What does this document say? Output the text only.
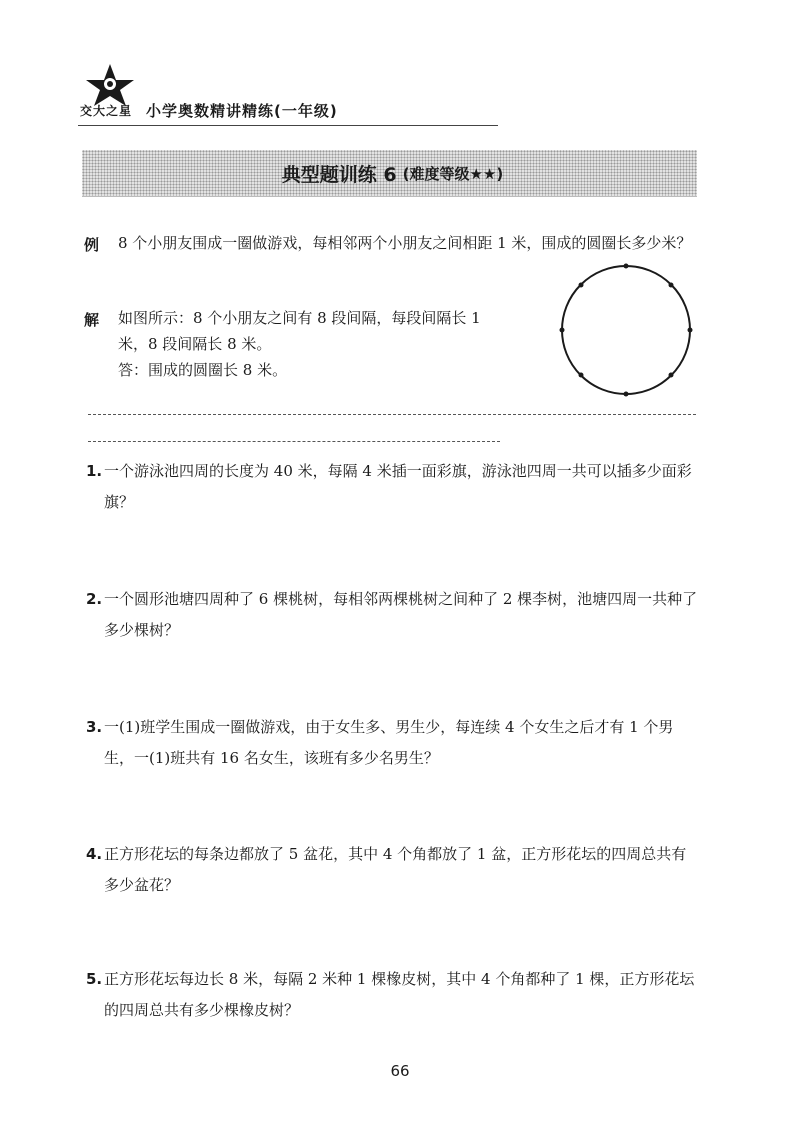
交大之星 小学奥数精讲精练(一年级)
典型题训练 6 (难度等级★★)
例 8 个小朋友围成一圈做游戏，每相邻两个小朋友之间相距 1 米，围成的圆圈长多少米？
解 如图所示：8 个小朋友之间有 8 段间隔，每段间隔长 1
米，8 段间隔长 8 米。
答：围成的圆圈长 8 米。
1. 一个游泳池四周的长度为 40 米，每隔 4 米插一面彩旗，游泳池四周一共可以插多少面彩旗？
2. 一个圆形池塘四周种了 6 棵桃树，每相邻两棵桃树之间种了 2 棵李树，池塘四周一共种了多少棵树？
3. 一(1)班学生围成一圈做游戏，由于女生多、男生少，每连续 4 个女生之后才有 1 个男生，一(1)班共有 16 名女生，该班有多少名男生？
4. 正方形花坛的每条边都放了 5 盆花，其中 4 个角都放了 1 盆，正方形花坛的四周总共有多少盆花？
5. 正方形花坛每边长 8 米，每隔 2 米种 1 棵橡皮树，其中 4 个角都种了 1 棵，正方形花坛的四周总共有多少棵橡皮树？
66
